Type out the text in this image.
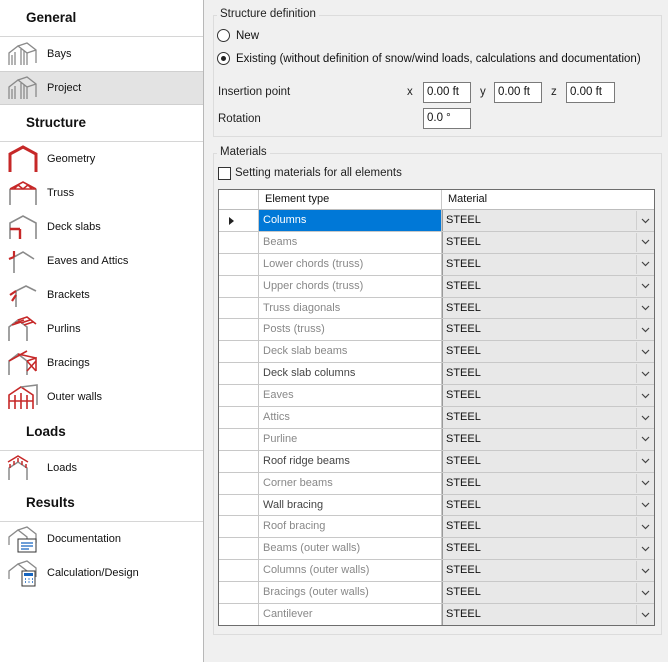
General
Bays
Project
Structure
Geometry
Truss
Deck slabs
Eaves and Attics
Brackets
Purlins
Bracings
Outer walls
Loads
Loads
Results
Documentation
Calculation/Design
Structure definition
New
Existing (without definition of snow/wind loads, calculations and documentation)
Insertion point	x	0.00 ft	y	0.00 ft	z	0.00 ft
Rotation	0.0 °
Materials
Setting materials for all elements
Element type	Material
Columns	STEEL
Beams	STEEL
Lower chords (truss)	STEEL
Upper chords (truss)	STEEL
Truss diagonals	STEEL
Posts (truss)	STEEL
Deck slab beams	STEEL
Deck slab columns	STEEL
Eaves	STEEL
Attics	STEEL
Purline	STEEL
Roof ridge beams	STEEL
Corner beams	STEEL
Wall bracing	STEEL
Roof bracing	STEEL
Beams (outer walls)	STEEL
Columns (outer walls)	STEEL
Bracings (outer walls)	STEEL
Cantilever	STEEL
